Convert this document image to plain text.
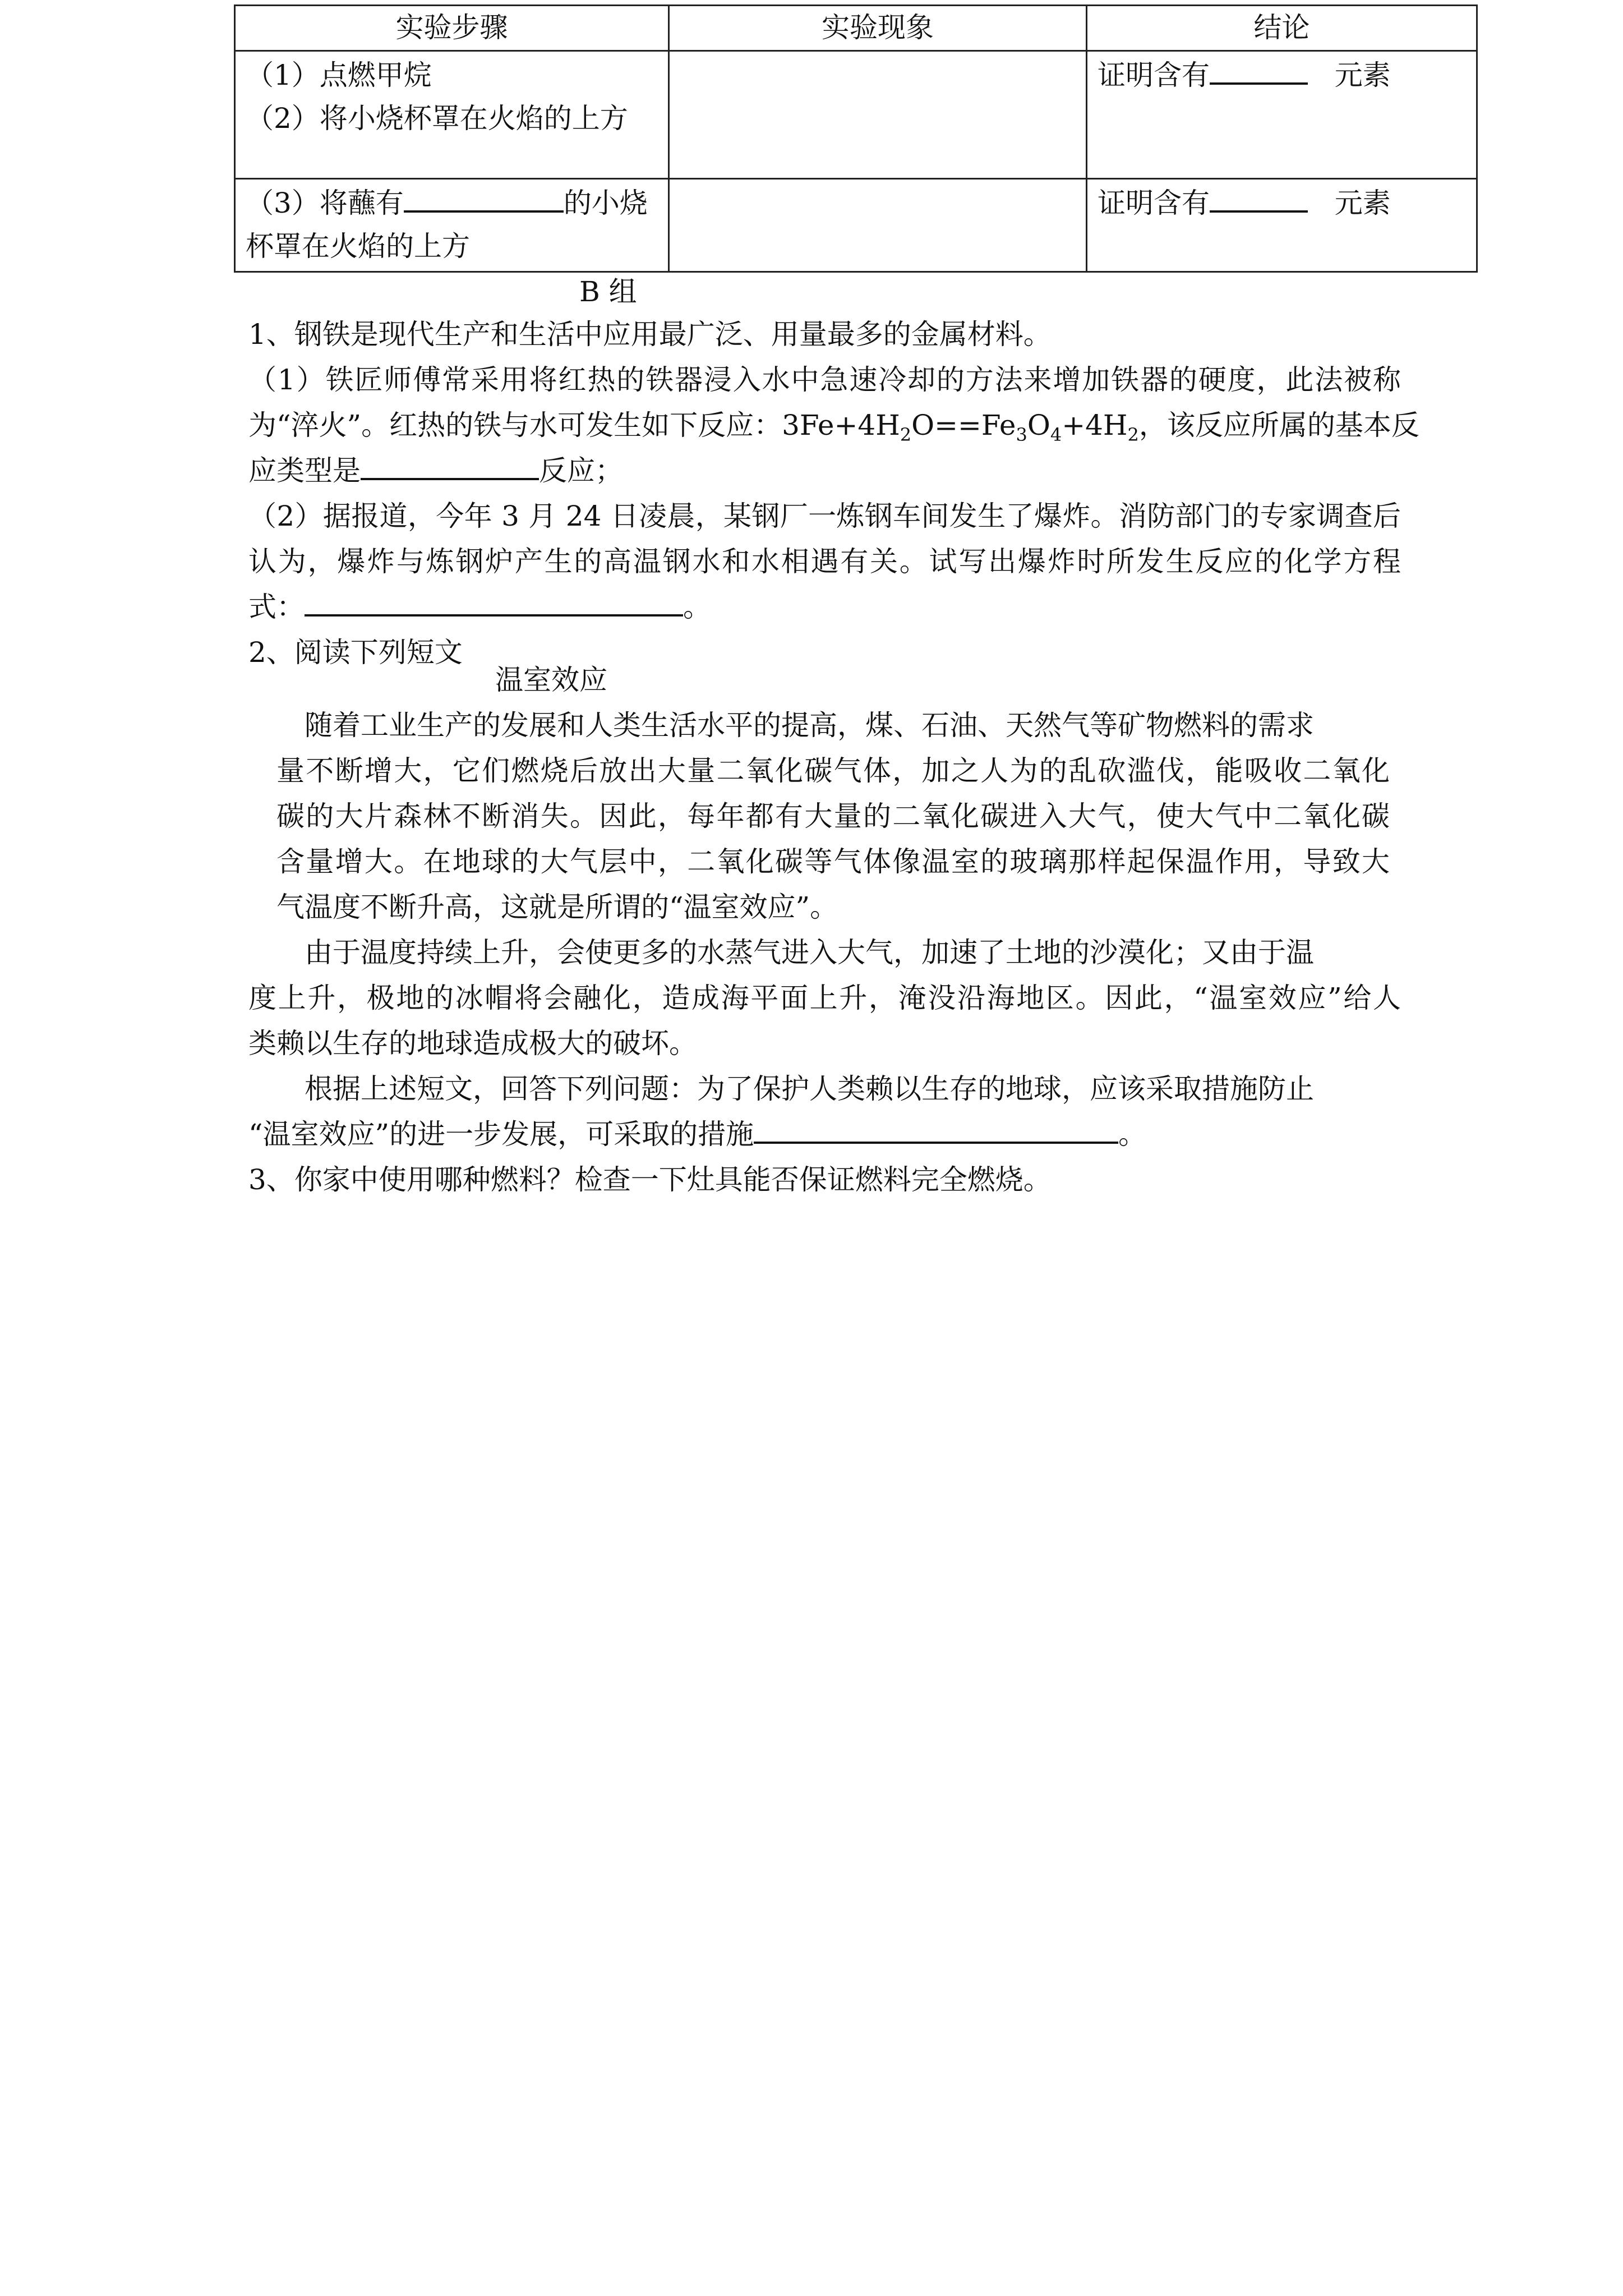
实验步骤	实验现象	结论

（1）点燃甲烷
（2）将小烧杯罩在火焰的上方		证明含有 元素
（3）将蘸有 的小烧杯罩在火焰的上方		证明含有 元素
B 组
1、钢铁是现代生产和生活中应用最广泛、用量最多的金属材料。
（1）铁匠师傅常采用将红热的铁器浸入水中急速冷却的方法来增加铁器的硬度，此法被称
为“淬火”。红热的铁与水可发生如下反应：$3Fe+4H_2O==Fe_3O_4+4H_2$，该反应所属的基本反
应类型是	反应；
（2）据报道，今年 3 月 24 日凌晨，某钢厂一炼钢车间发生了爆炸。消防部门的专家调查后
认为，爆炸与炼钢炉产生的高温钢水和水相遇有关。试写出爆炸时所发生反应的化学方程
式：	。
2、阅读下列短文
温室效应
随着工业生产的发展和人类生活水平的提高，煤、石油、天然气等矿物燃料的需求
量不断增大，它们燃烧后放出大量二氧化碳气体，加之人为的乱砍滥伐，能吸收二氧化
碳的大片森林不断消失。因此，每年都有大量的二氧化碳进入大气，使大气中二氧化碳
含量增大。在地球的大气层中，二氧化碳等气体像温室的玻璃那样起保温作用，导致大
气温度不断升高，这就是所谓的“温室效应”。
由于温度持续上升，会使更多的水蒸气进入大气，加速了土地的沙漠化；又由于温
度上升，极地的冰帽将会融化，造成海平面上升，淹没沿海地区。因此，“温室效应”给人
类赖以生存的地球造成极大的破坏。
根据上述短文，回答下列问题：为了保护人类赖以生存的地球，应该采取措施防止
“温室效应”的进一步发展，可采取的措施	。
3、你家中使用哪种燃料？检查一下灶具能否保证燃料完全燃烧。
